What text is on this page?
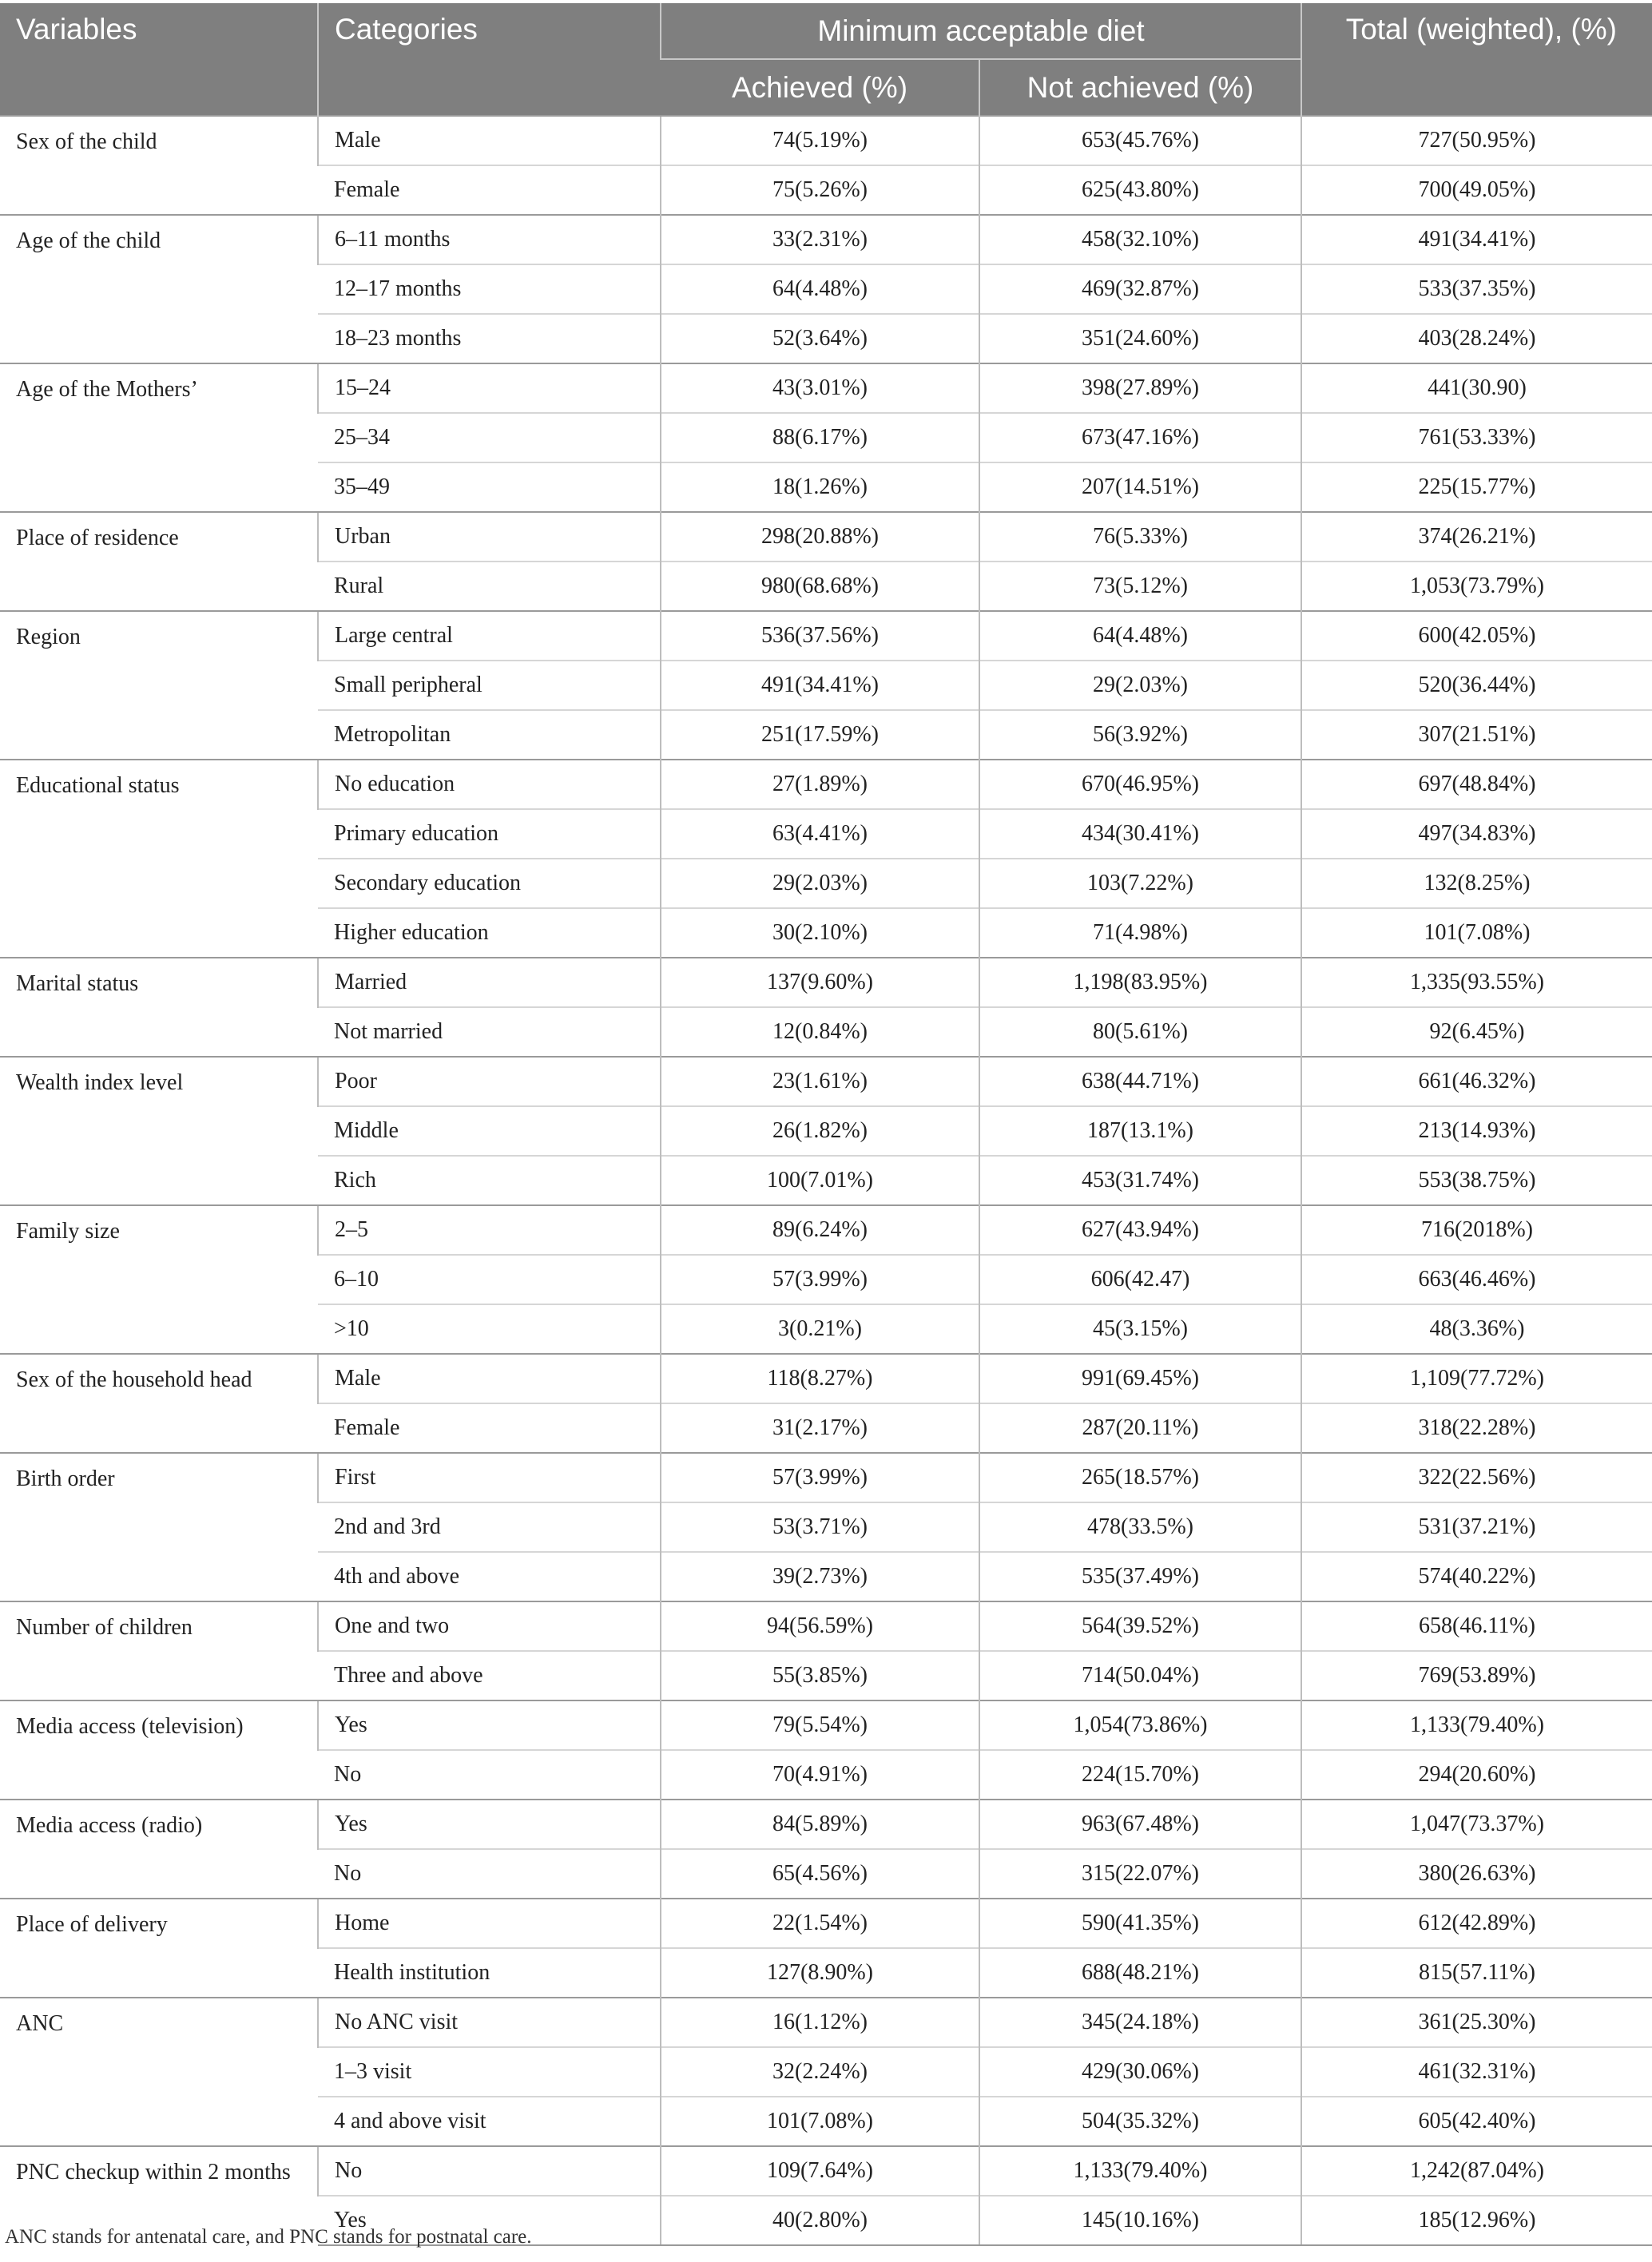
Variables	Categories	Minimum acceptable diet		Total (weighted), (%)
		Achieved (%)	Not achieved (%)	
Sex of the child	Male	74(5.19%)	653(45.76%)	727(50.95%)
	Female	75(5.26%)	625(43.80%)	700(49.05%)
Age of the child	6–11 months	33(2.31%)	458(32.10%)	491(34.41%)
	12–17 months	64(4.48%)	469(32.87%)	533(37.35%)
	18–23 months	52(3.64%)	351(24.60%)	403(28.24%)
Age of the Mothers’	15–24	43(3.01%)	398(27.89%)	441(30.90)
	25–34	88(6.17%)	673(47.16%)	761(53.33%)
	35–49	18(1.26%)	207(14.51%)	225(15.77%)
Place of residence	Urban	298(20.88%)	76(5.33%)	374(26.21%)
	Rural	980(68.68%)	73(5.12%)	1,053(73.79%)
Region	Large central	536(37.56%)	64(4.48%)	600(42.05%)
	Small peripheral	491(34.41%)	29(2.03%)	520(36.44%)
	Metropolitan	251(17.59%)	56(3.92%)	307(21.51%)
Educational status	No education	27(1.89%)	670(46.95%)	697(48.84%)
	Primary education	63(4.41%)	434(30.41%)	497(34.83%)
	Secondary education	29(2.03%)	103(7.22%)	132(8.25%)
	Higher education	30(2.10%)	71(4.98%)	101(7.08%)
Marital status	Married	137(9.60%)	1,198(83.95%)	1,335(93.55%)
	Not married	12(0.84%)	80(5.61%)	92(6.45%)
Wealth index level	Poor	23(1.61%)	638(44.71%)	661(46.32%)
	Middle	26(1.82%)	187(13.1%)	213(14.93%)
	Rich	100(7.01%)	453(31.74%)	553(38.75%)
Family size	2–5	89(6.24%)	627(43.94%)	716(2018%)
	6–10	57(3.99%)	606(42.47)	663(46.46%)
	>10	3(0.21%)	45(3.15%)	48(3.36%)
Sex of the household head	Male	118(8.27%)	991(69.45%)	1,109(77.72%)
	Female	31(2.17%)	287(20.11%)	318(22.28%)
Birth order	First	57(3.99%)	265(18.57%)	322(22.56%)
	2nd and 3rd	53(3.71%)	478(33.5%)	531(37.21%)
	4th and above	39(2.73%)	535(37.49%)	574(40.22%)
Number of children	One and two	94(56.59%)	564(39.52%)	658(46.11%)
	Three and above	55(3.85%)	714(50.04%)	769(53.89%)
Media access (television)	Yes	79(5.54%)	1,054(73.86%)	1,133(79.40%)
	No	70(4.91%)	224(15.70%)	294(20.60%)
Media access (radio)	Yes	84(5.89%)	963(67.48%)	1,047(73.37%)
	No	65(4.56%)	315(22.07%)	380(26.63%)
Place of delivery	Home	22(1.54%)	590(41.35%)	612(42.89%)
	Health institution	127(8.90%)	688(48.21%)	815(57.11%)
ANC	No ANC visit	16(1.12%)	345(24.18%)	361(25.30%)
	1–3 visit	32(2.24%)	429(30.06%)	461(32.31%)
	4 and above visit	101(7.08%)	504(35.32%)	605(42.40%)
PNC checkup within 2 months	No	109(7.64%)	1,133(79.40%)	1,242(87.04%)
	Yes	40(2.80%)	145(10.16%)	185(12.96%)
ANC stands for antenatal care, and PNC stands for postnatal care.
